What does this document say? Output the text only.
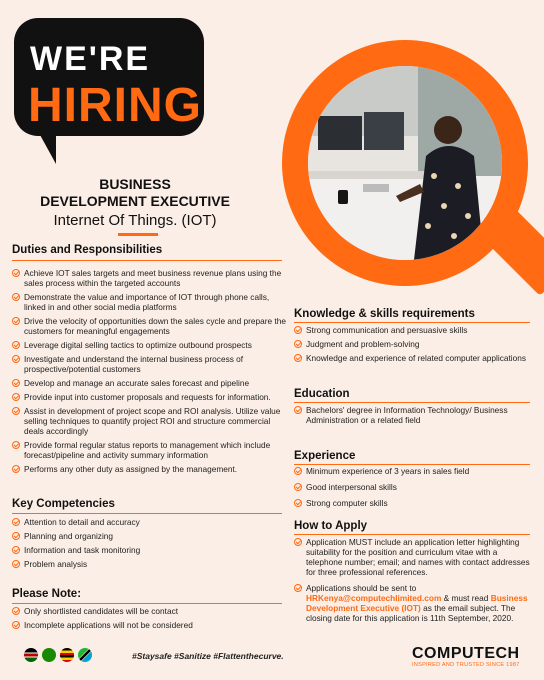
WE'RE
HIRING
BUSINESS
DEVELOPMENT EXECUTIVE
Internet Of Things. (IOT)
Duties and Responsibilities
Achieve IOT sales targets and meet business revenue plans using the sales process within the targeted accounts
Demonstrate the value and importance of IOT through phone calls, linked in and other social media platforms
Drive the velocity of opportunities down the sales cycle and prepare the customers for meaningful engagements
Leverage digital selling tactics to optimize outbound prospects
Investigate and understand the internal business process of prospective/potential customers
Develop and manage an accurate sales forecast and pipeline
Provide input into customer proposals and requests for information.
Assist in development of project scope and ROI analysis. Utilize value selling techniques to quantify project ROI and structure commercial deals accordingly
Provide formal regular status reports to management which include forecast/pipeline and activity summary information
Performs any other duty as assigned by the management.
Key Competencies
Attention to detail and accuracy
Planning and organizing
Information and task monitoring
Problem analysis
Please Note:
Only shortlisted candidates will be contact
Incomplete applications will not be considered
Knowledge & skills requirements
Strong communication and persuasive skills
Judgment and problem-solving
Knowledge and experience of related computer applications
Education
Bachelors' degree in Information Technology/ Business Administration or a related field
Experience
Minimum experience of 3 years in sales field
Good interpersonal skills
Strong computer skills
How to Apply
Application MUST include an application letter highlighting suitability for the position and curriculum vitae with a telephone number; email; and names with contact addresses for three professional references.
Applications should be sent to
HRKenya@computechlimited.com & must read Business Development Executive (IOT) as the email subject. The closing date for this application is 11th September, 2020.
#Staysafe #Sanitize #Flattenthecurve.	COMPUTECH
INSPIRED AND TRUSTED SINCE 1987
